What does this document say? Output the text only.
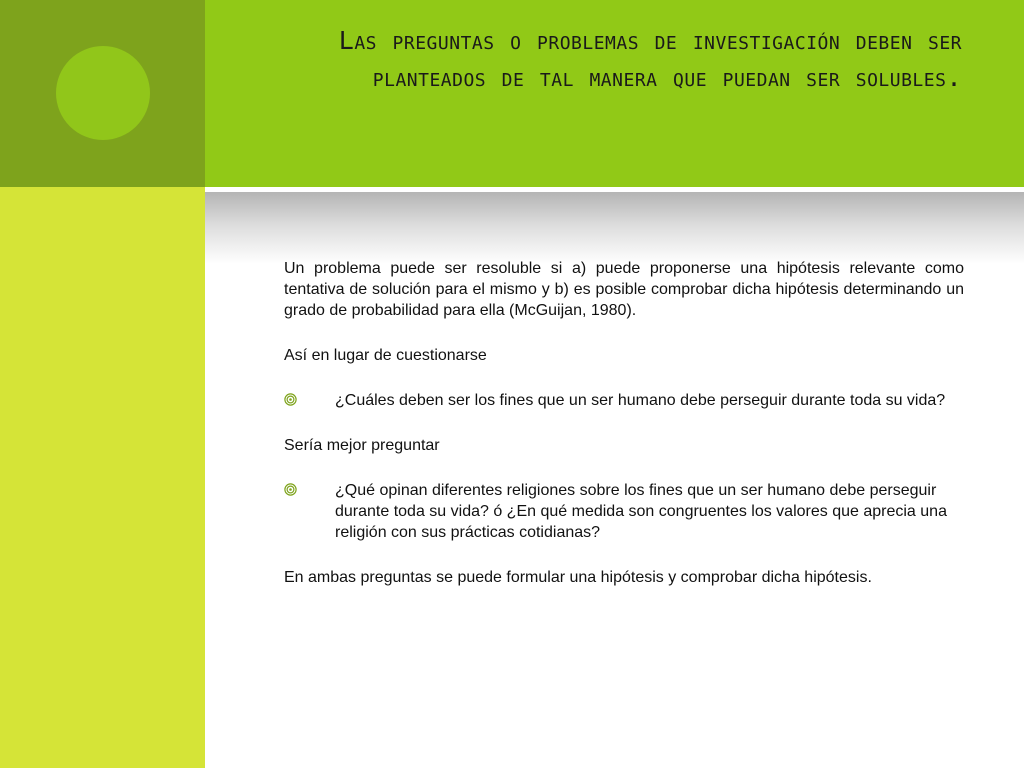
Las preguntas o problemas de investigación deben ser planteados de tal manera que puedan ser solubles.

Un problema puede ser resoluble si a) puede proponerse una hipótesis relevante como tentativa de solución para el mismo y b) es posible comprobar dicha hipótesis determinando un grado de probabilidad para ella (McGuijan, 1980).

Así en lugar de cuestionarse

¿Cuáles deben ser los fines que un ser humano debe perseguir durante toda su vida?

Sería mejor preguntar

¿Qué opinan diferentes religiones sobre los fines que un ser humano debe perseguir durante toda su vida? ó ¿En qué medida son congruentes los valores que aprecia una religión con sus prácticas cotidianas?

En ambas preguntas se puede formular una hipótesis y comprobar dicha hipótesis.
